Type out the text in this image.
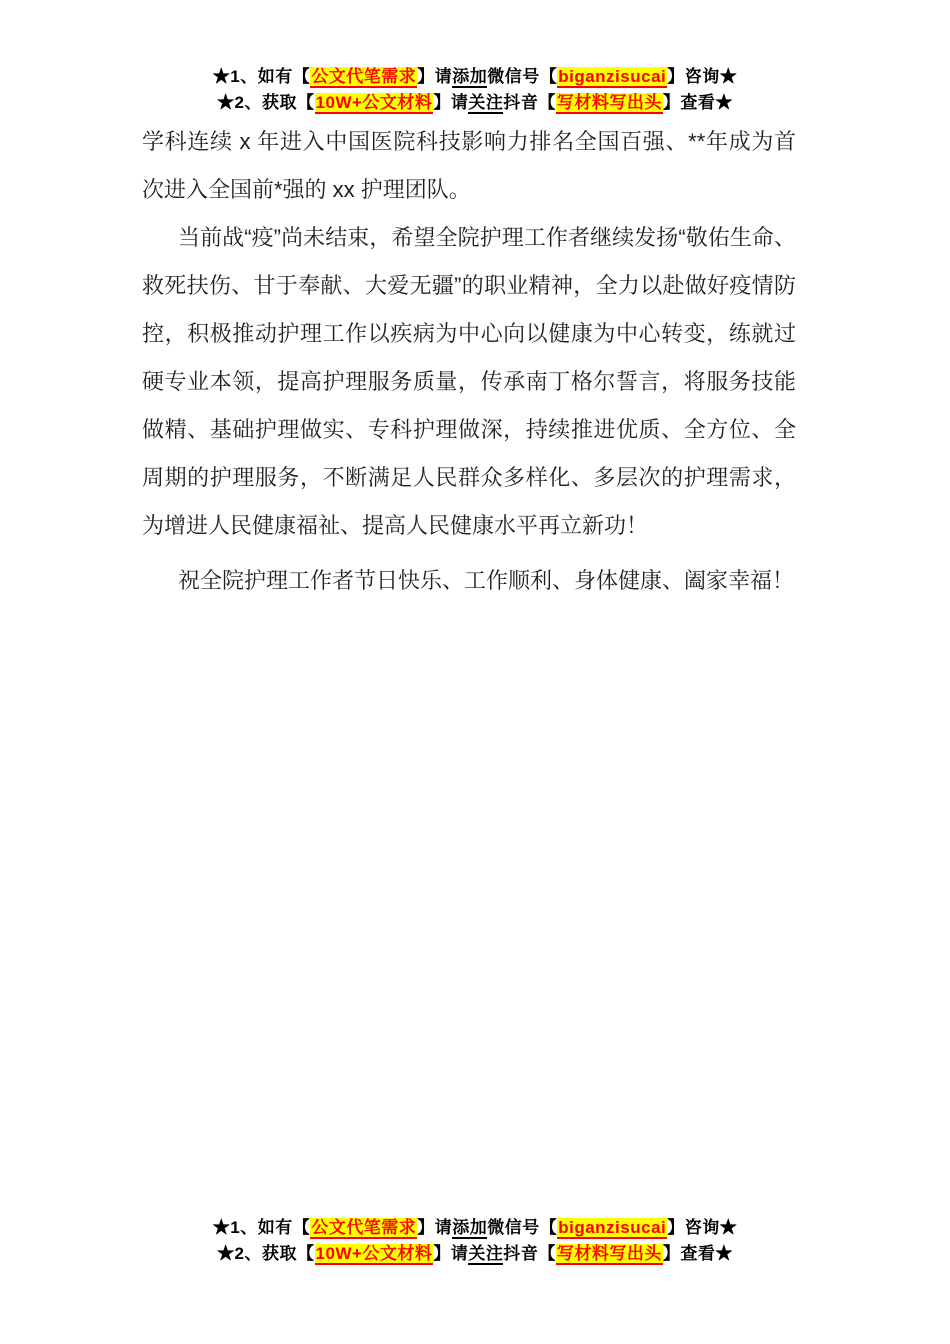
★1、如有【公文代笔需求】请添加微信号【biganzisucai】咨询★
★2、获取【10W+公文材料】请关注抖音【写材料写出头】查看★

学科连续 x 年进入中国医院科技影响力排名全国百强、**年成为首次进入全国前*强的 xx 护理团队。

当前战“疫”尚未结束，希望全院护理工作者继续发扬“敬佑生命、救死扶伤、甘于奉献、大爱无疆”的职业精神，全力以赴做好疫情防控，积极推动护理工作以疾病为中心向以健康为中心转变，练就过硬专业本领，提高护理服务质量，传承南丁格尔誓言，将服务技能做精、基础护理做实、专科护理做深，持续推进优质、全方位、全周期的护理服务，不断满足人民群众多样化、多层次的护理需求，为增进人民健康福祉、提高人民健康水平再立新功！

祝全院护理工作者节日快乐、工作顺利、身体健康、阖家幸福！

★1、如有【公文代笔需求】请添加微信号【biganzisucai】咨询★
★2、获取【10W+公文材料】请关注抖音【写材料写出头】查看★
